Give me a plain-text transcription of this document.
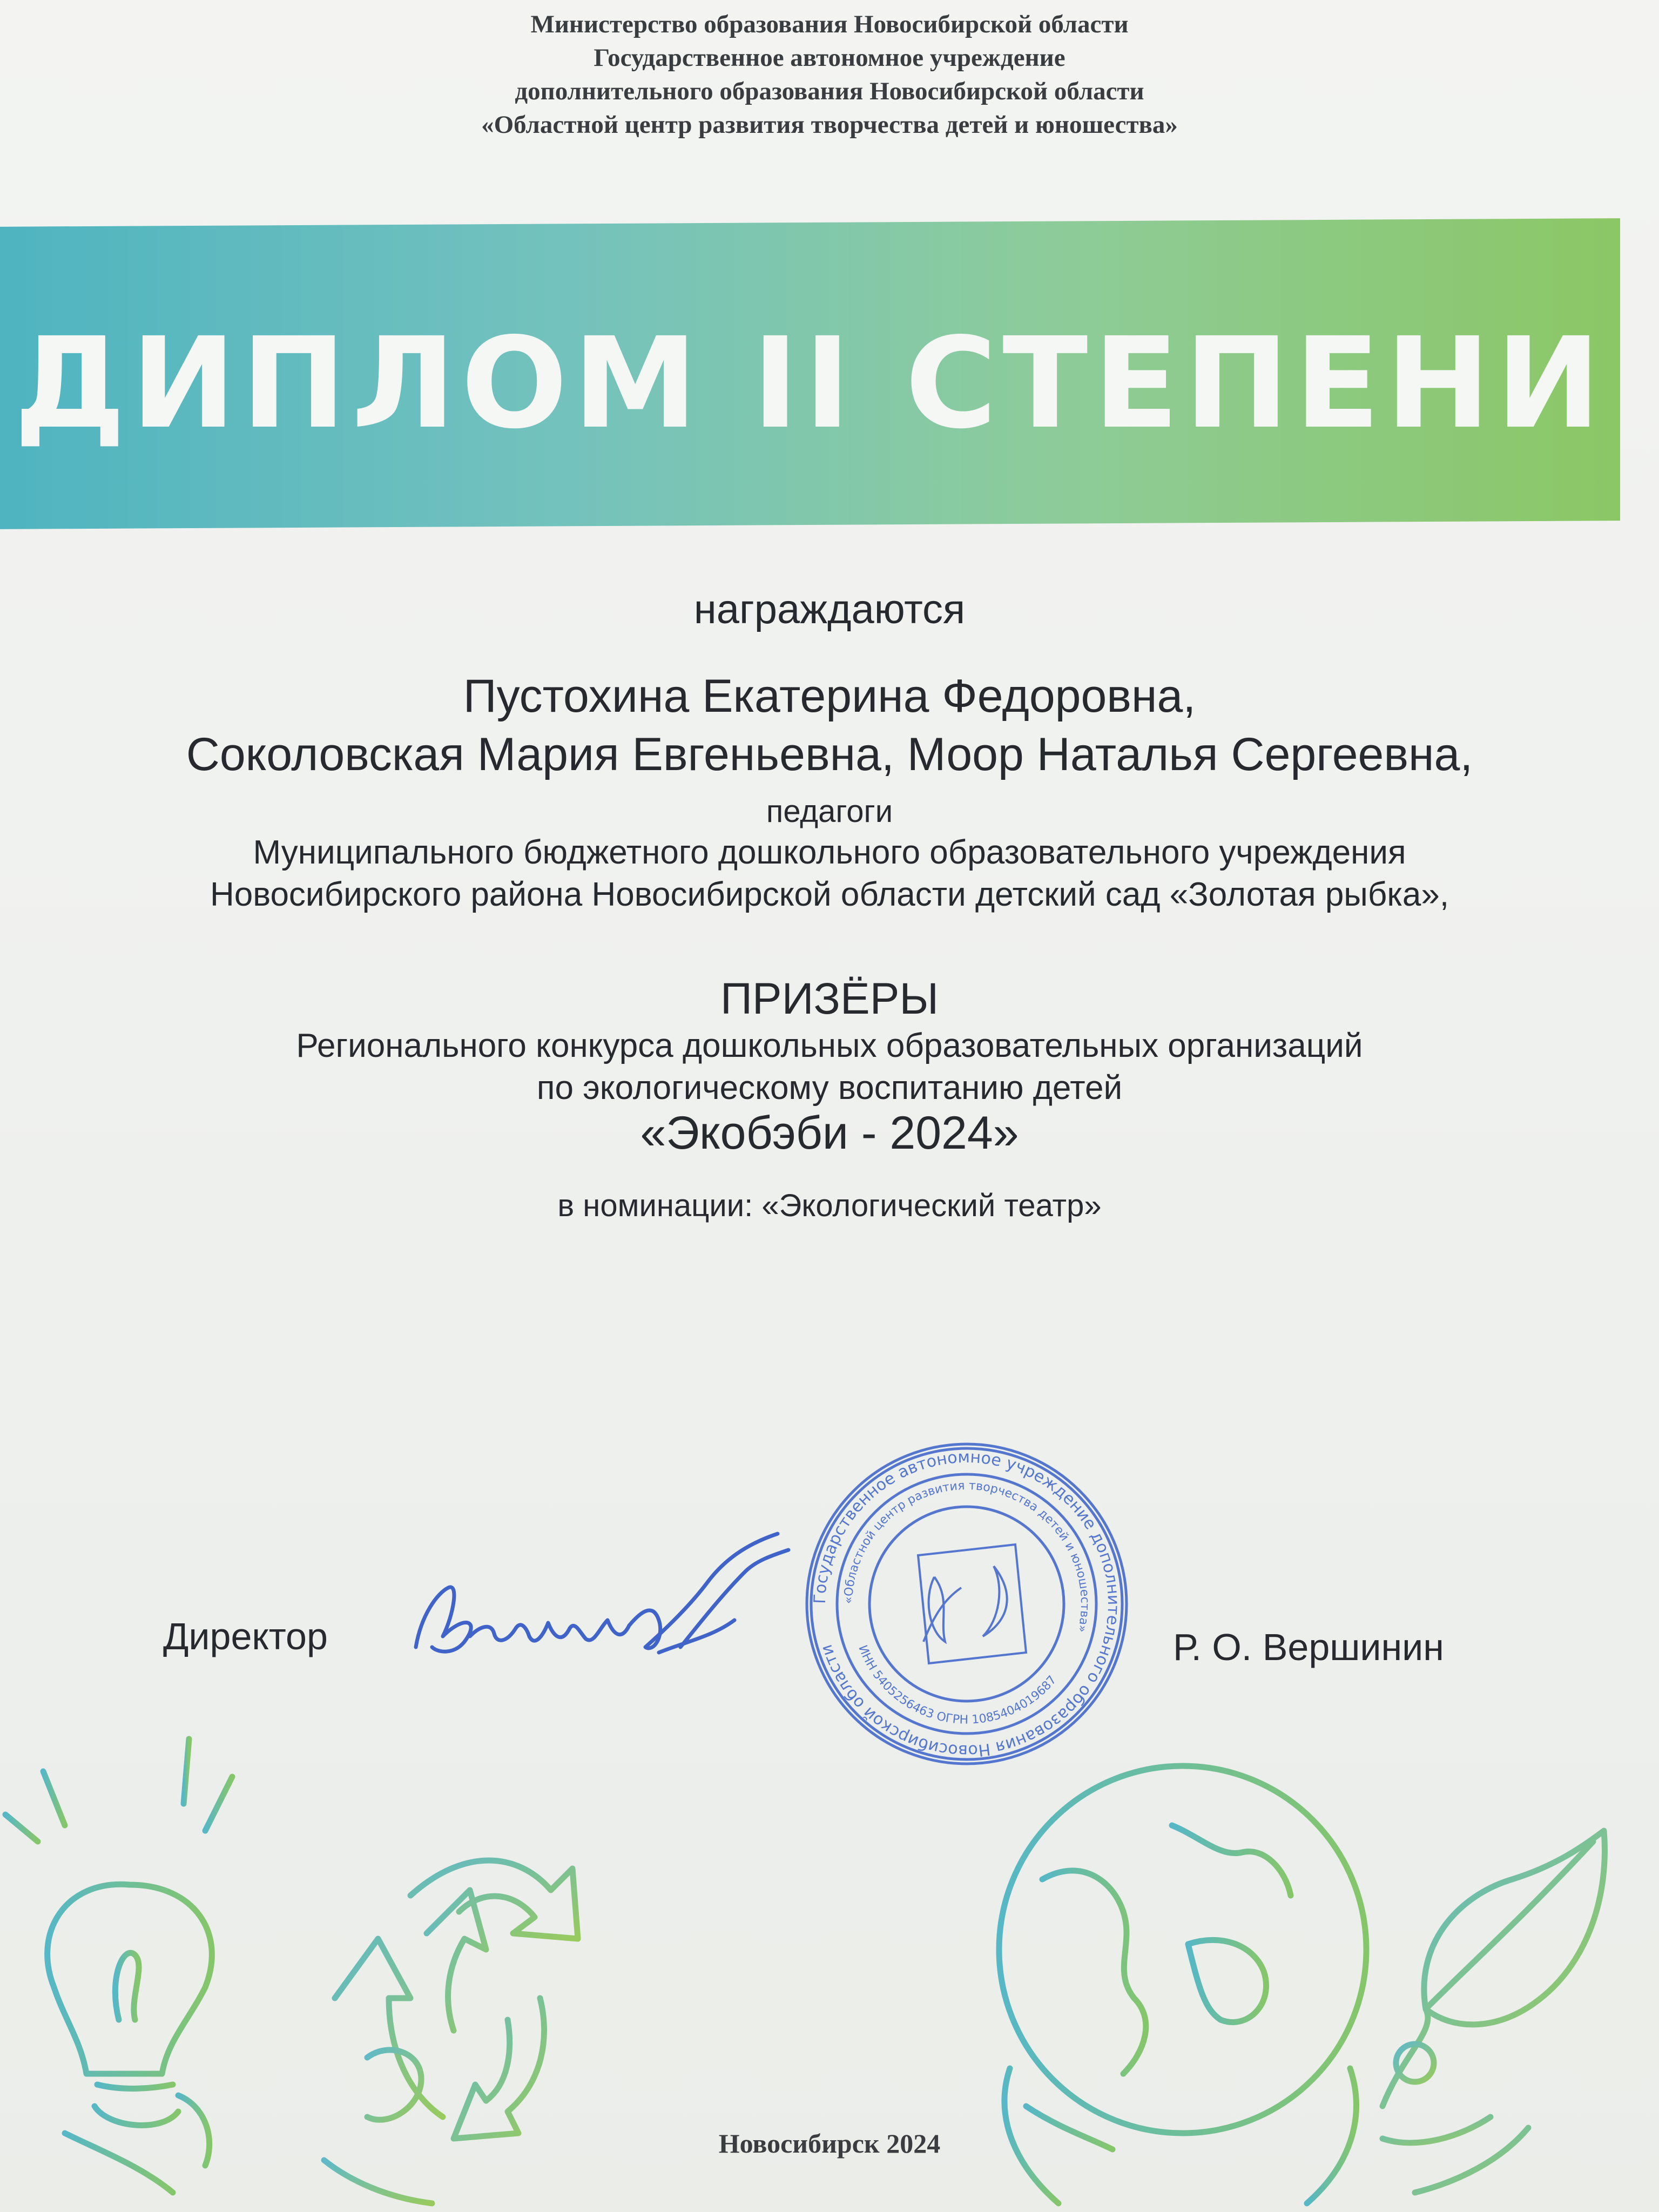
Министерство образования Новосибирской области
Государственное автономное учреждение
дополнительного образования Новосибирской области
«Областной центр развития творчества детей и юношества»
ДИПЛОМ II СТЕПЕНИ
награждаются
Пустохина Екатерина Федоровна,
Соколовская Мария Евгеньевна, Моор Наталья Сергеевна,
педагоги
Муниципального бюджетного дошкольного образовательного учреждения
Новосибирского района Новосибирской области детский сад «Золотая рыбка»,
ПРИЗЁРЫ
Регионального конкурса дошкольных образовательных организаций
по экологическому воспитанию детей
«Экобэби - 2024»
в номинации: «Экологический театр»
Директор
Вершинин
Государственное автономное учреждение дополнительного образования Новосибирской области
«Областной центр развития творчества детей и юношества»
ИНН 5405256463 ОГРН 1085404019687
Р. О. Вершинин
Новосибирск 2024
